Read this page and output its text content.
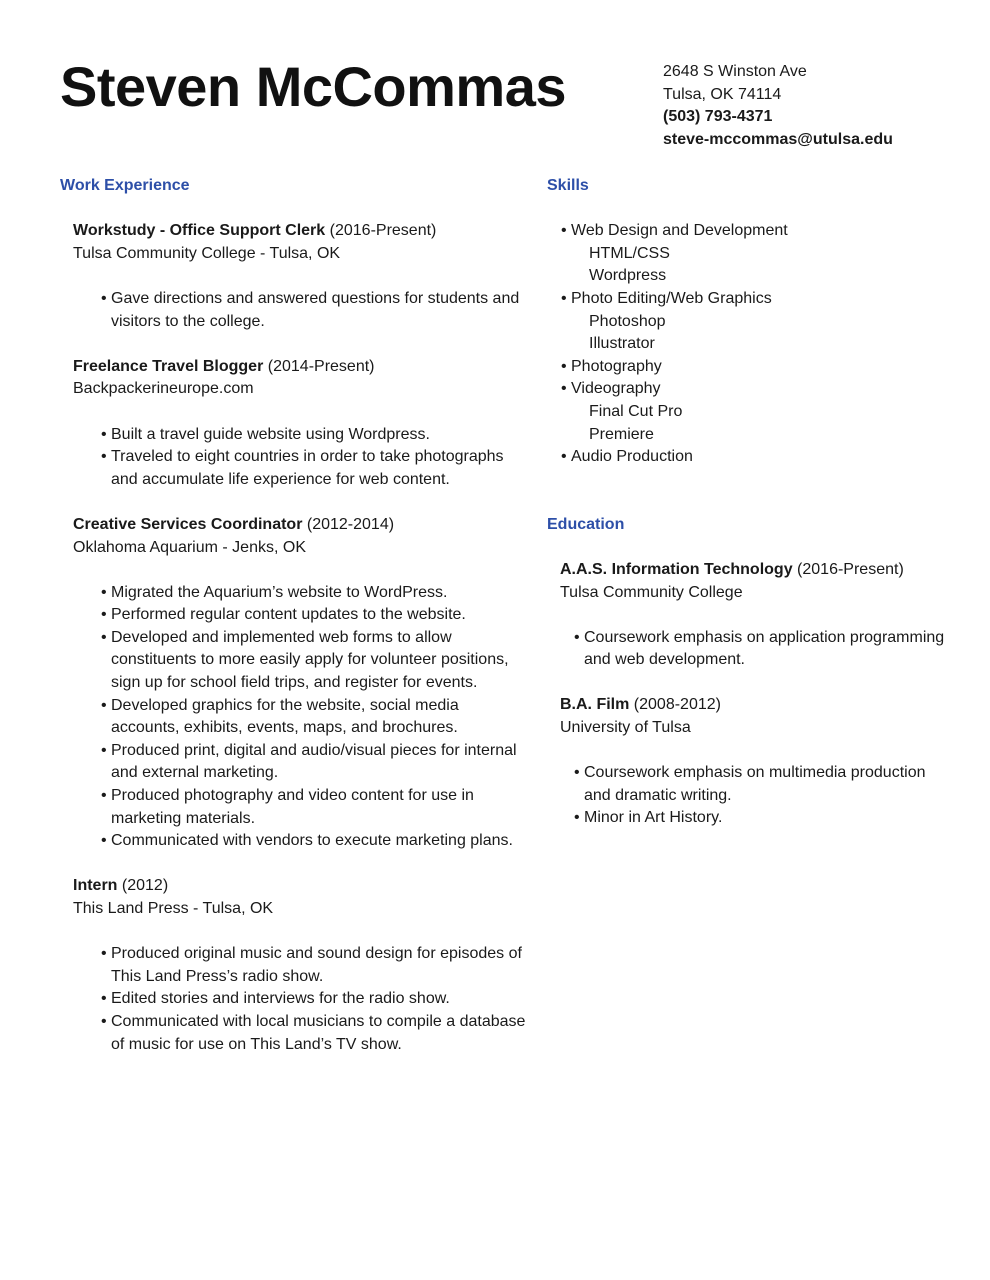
Steven McCommas	2648 S Winston Ave
Tulsa, OK 74114
(503) 793-4371
steve-mccommas@utulsa.edu
Work Experience
Workstudy - Office Support Clerk (2016-Present)
Tulsa Community College - Tulsa, OK
• Gave directions and answered questions for students and visitors to the college.
Freelance Travel Blogger (2014-Present)
Backpackerineurope.com
• Built a travel guide website using Wordpress.
• Traveled to eight countries in order to take photographs and accumulate life experience for web content.
Creative Services Coordinator (2012-2014)
Oklahoma Aquarium - Jenks, OK
• Migrated the Aquarium’s website to WordPress.
• Performed regular content updates to the website.
• Developed and implemented web forms to allow constituents to more easily apply for volunteer positions, sign up for school field trips, and register for events.
• Developed graphics for the website, social media accounts, exhibits, events, maps, and brochures.
• Produced print, digital and audio/visual pieces for internal and external marketing.
• Produced photography and video content for use in marketing materials.
• Communicated with vendors to execute marketing plans.
Intern (2012)
This Land Press - Tulsa, OK
• Produced original music and sound design for episodes of This Land Press’s radio show.
• Edited stories and interviews for the radio show.
• Communicated with local musicians to compile a database of music for use on This Land’s TV show.
Skills
• Web Design and Development
HTML/CSS
Wordpress
• Photo Editing/Web Graphics
Photoshop
Illustrator
• Photography
• Videography
Final Cut Pro
Premiere
• Audio Production
Education
A.A.S. Information Technology (2016-Present)
Tulsa Community College
• Coursework emphasis on application programming and web development.
B.A. Film (2008-2012)
University of Tulsa
• Coursework emphasis on multimedia production and dramatic writing.
• Minor in Art History.
